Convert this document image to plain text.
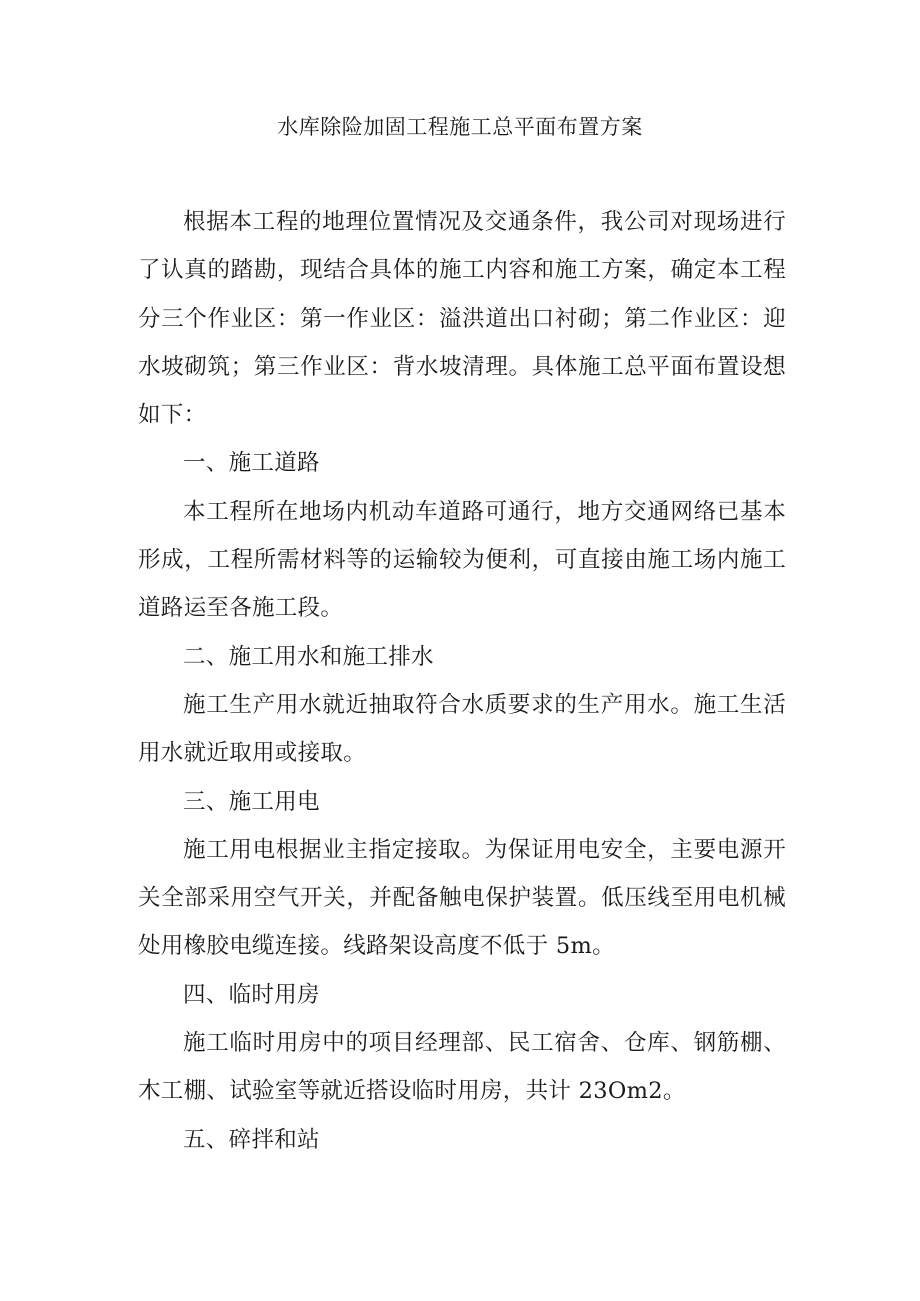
水库除险加固工程施工总平面布置方案

根据本工程的地理位置情况及交通条件，我公司对现场进行了认真的踏勘，现结合具体的施工内容和施工方案，确定本工程分三个作业区：第一作业区：溢洪道出口衬砌；第二作业区：迎水坡砌筑；第三作业区：背水坡清理。具体施工总平面布置设想如下：

一、施工道路

本工程所在地场内机动车道路可通行，地方交通网络已基本形成，工程所需材料等的运输较为便利，可直接由施工场内施工道路运至各施工段。

二、施工用水和施工排水

施工生产用水就近抽取符合水质要求的生产用水。施工生活用水就近取用或接取。

三、施工用电

施工用电根据业主指定接取。为保证用电安全，主要电源开关全部采用空气开关，并配备触电保护装置。低压线至用电机械处用橡胶电缆连接。线路架设高度不低于 5m。

四、临时用房

施工临时用房中的项目经理部、民工宿舍、仓库、钢筋棚、木工棚、试验室等就近搭设临时用房，共计 23Om2。

五、碎拌和站
